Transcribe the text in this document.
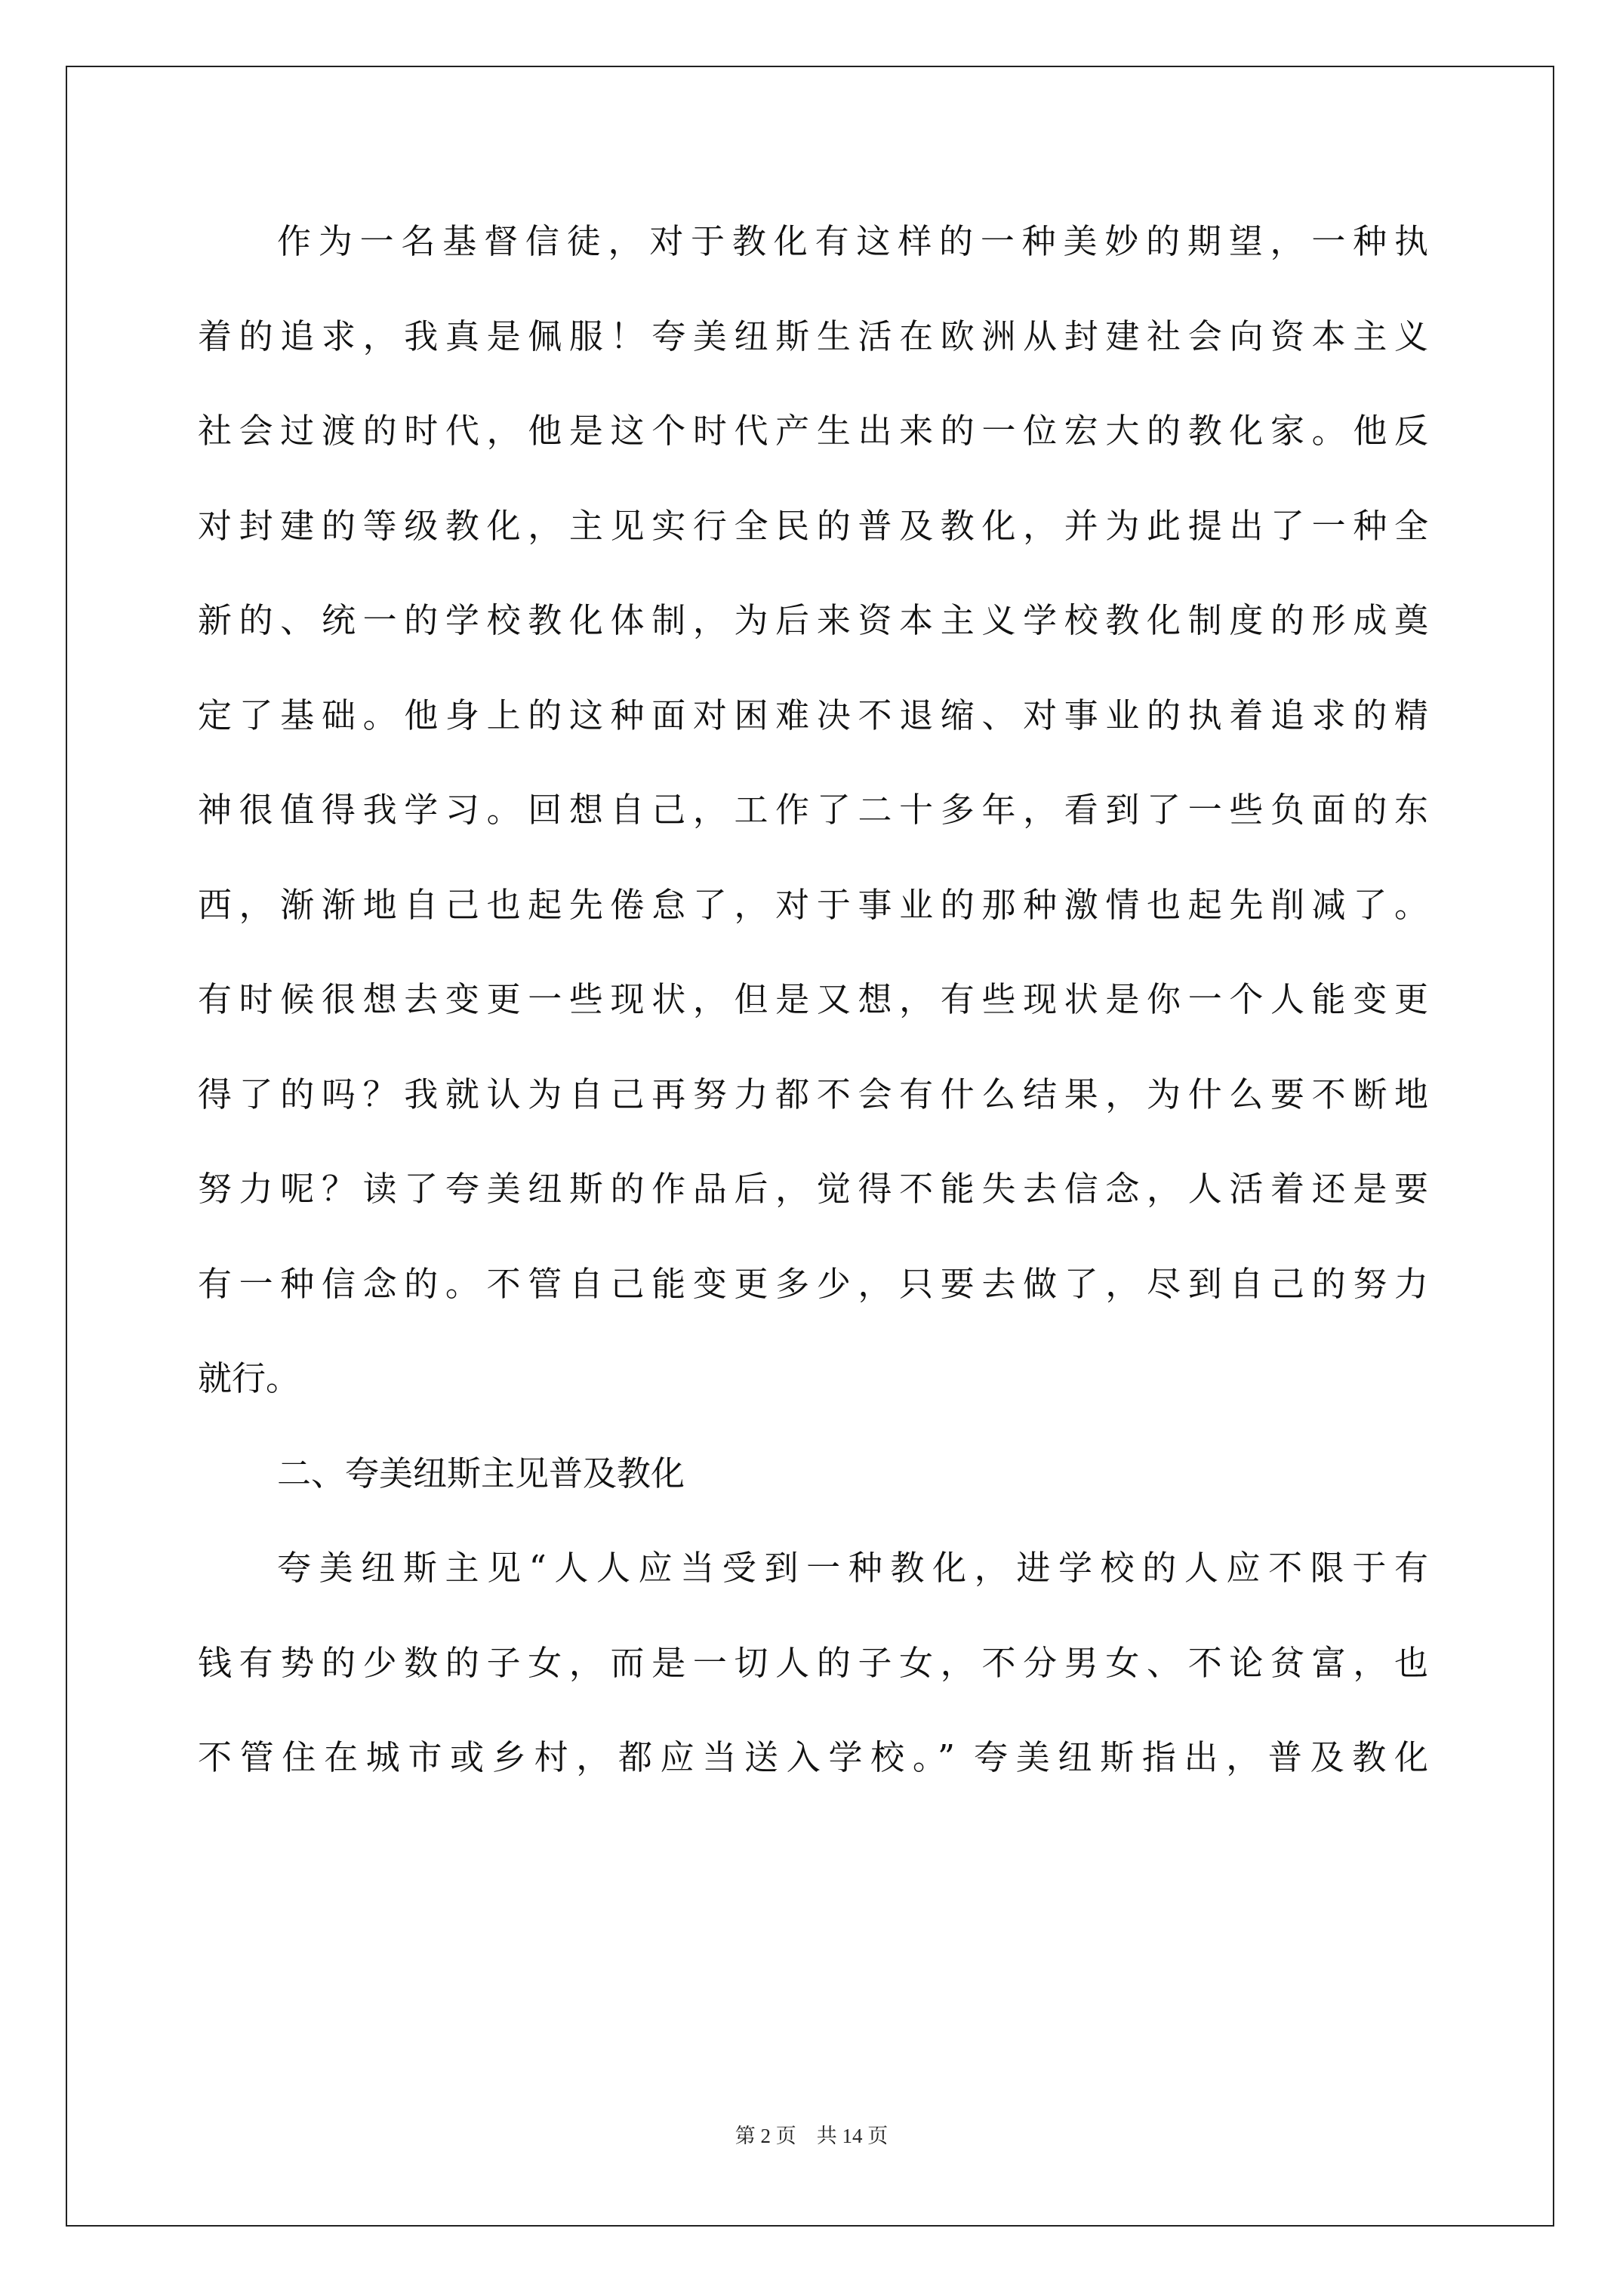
作为一名基督信徒，对于教化有这样的一种美妙的期望，一种执
着的追求，我真是佩服！夸美纽斯生活在欧洲从封建社会向资本主义
社会过渡的时代，他是这个时代产生出来的一位宏大的教化家。他反
对封建的等级教化，主见实行全民的普及教化，并为此提出了一种全
新的、统一的学校教化体制，为后来资本主义学校教化制度的形成奠
定了基础。他身上的这种面对困难决不退缩、对事业的执着追求的精
神很值得我学习。回想自己，工作了二十多年，看到了一些负面的东
西，渐渐地自己也起先倦怠了，对于事业的那种激情也起先削减了。
有时候很想去变更一些现状，但是又想，有些现状是你一个人能变更
得了的吗？我就认为自己再努力都不会有什么结果，为什么要不断地
努力呢？读了夸美纽斯的作品后，觉得不能失去信念，人活着还是要
有一种信念的。不管自己能变更多少，只要去做了，尽到自己的努力
就行。
二、夸美纽斯主见普及教化
夸美纽斯主见“人人应当受到一种教化，进学校的人应不限于有
钱有势的少数的子女，而是一切人的子女，不分男女、不论贫富，也
不管住在城市或乡村，都应当送入学校。” 夸美纽斯指出，普及教化
第 2 页　共 14 页
